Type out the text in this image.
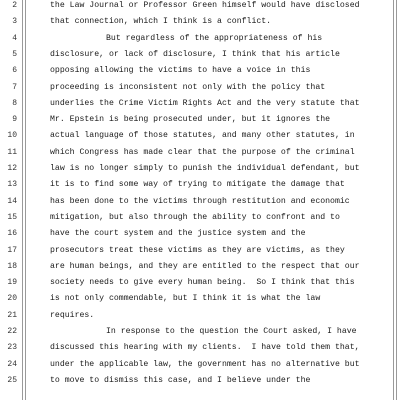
2	the Law Journal or Professor Green himself would have disclosed
3	that connection, which I think is a conflict.
4	But regardless of the appropriateness of his
5	disclosure, or lack of disclosure, I think that his article
6	opposing allowing the victims to have a voice in this
7	proceeding is inconsistent not only with the policy that
8	underlies the Crime Victim Rights Act and the very statute that
9	Mr. Epstein is being prosecuted under, but it ignores the
10	actual language of those statutes, and many other statutes, in
11	which Congress has made clear that the purpose of the criminal
12	law is no longer simply to punish the individual defendant, but
13	it is to find some way of trying to mitigate the damage that
14	has been done to the victims through restitution and economic
15	mitigation, but also through the ability to confront and to
16	have the court system and the justice system and the
17	prosecutors treat these victims as they are victims, as they
18	are human beings, and they are entitled to the respect that our
19	society needs to give every human being.  So I think that this
20	is not only commendable, but I think it is what the law
21	requires.
22	In response to the question the Court asked, I have
23	discussed this hearing with my clients.  I have told them that,
24	under the applicable law, the government has no alternative but
25	to move to dismiss this case, and I believe under the
